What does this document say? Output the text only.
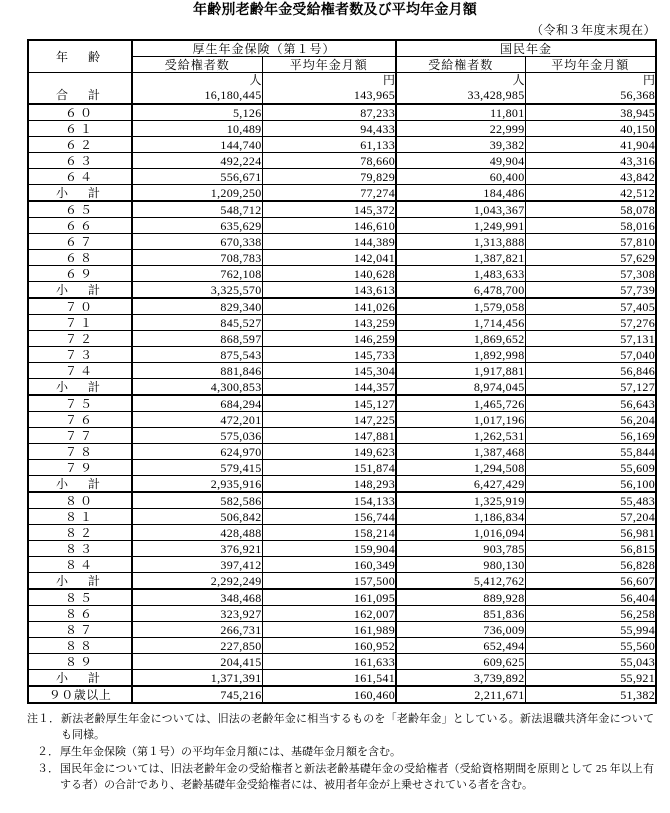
年齢別老齢年金受給権者数及び平均年金月額
（令和３年度末現在）
年　齢	厚生年金保険（第１号）		国民年金	
	受給権者数	平均年金月額	受給権者数	平均年金月額
	人	円	人	円
合　計	16,180,445	143,965	33,428,985	56,368
６０	5,126	87,233	11,801	38,945
６１	10,489	94,433	22,999	40,150
６２	144,740	61,133	39,382	41,904
６３	492,224	78,660	49,904	43,316
６４	556,671	79,829	60,400	43,842
小　計	1,209,250	77,274	184,486	42,512
６５	548,712	145,372	1,043,367	58,078
６６	635,629	146,610	1,249,991	58,016
６７	670,338	144,389	1,313,888	57,810
６８	708,783	142,041	1,387,821	57,629
６９	762,108	140,628	1,483,633	57,308
小　計	3,325,570	143,613	6,478,700	57,739
７０	829,340	141,026	1,579,058	57,405
７１	845,527	143,259	1,714,456	57,276
７２	868,597	146,259	1,869,652	57,131
７３	875,543	145,733	1,892,998	57,040
７４	881,846	145,304	1,917,881	56,846
小　計	4,300,853	144,357	8,974,045	57,127
７５	684,294	145,127	1,465,726	56,643
７６	472,201	147,225	1,017,196	56,204
７７	575,036	147,881	1,262,531	56,169
７８	624,970	149,623	1,387,468	55,844
７９	579,415	151,874	1,294,508	55,609
小　計	2,935,916	148,293	6,427,429	56,100
８０	582,586	154,133	1,325,919	55,483
８１	506,842	156,744	1,186,834	57,204
８２	428,488	158,214	1,016,094	56,981
８３	376,921	159,904	903,785	56,815
８４	397,412	160,349	980,130	56,828
小　計	2,292,249	157,500	5,412,762	56,607
８５	348,468	161,095	889,928	56,404
８６	323,927	162,007	851,836	56,258
８７	266,731	161,989	736,009	55,994
８８	227,850	160,952	652,494	55,560
８９	204,415	161,633	609,625	55,043
小　計	1,371,391	161,541	3,739,892	55,921
９０歳以上	745,216	160,460	2,211,671	51,382
注１． 新法老齢厚生年金については、旧法の老齢年金に相当するものを「老齢年金」としている。新法退職共済年金についても同様。
２． 厚生年金保険（第１号）の平均年金月額には、基礎年金月額を含む。
３． 国民年金については、旧法老齢年金の受給権者と新法老齢基礎年金の受給権者（受給資格期間を原則として 25 年以上有する者）の合計であり、老齢基礎年金受給権者には、被用者年金が上乗せされている者を含む。
